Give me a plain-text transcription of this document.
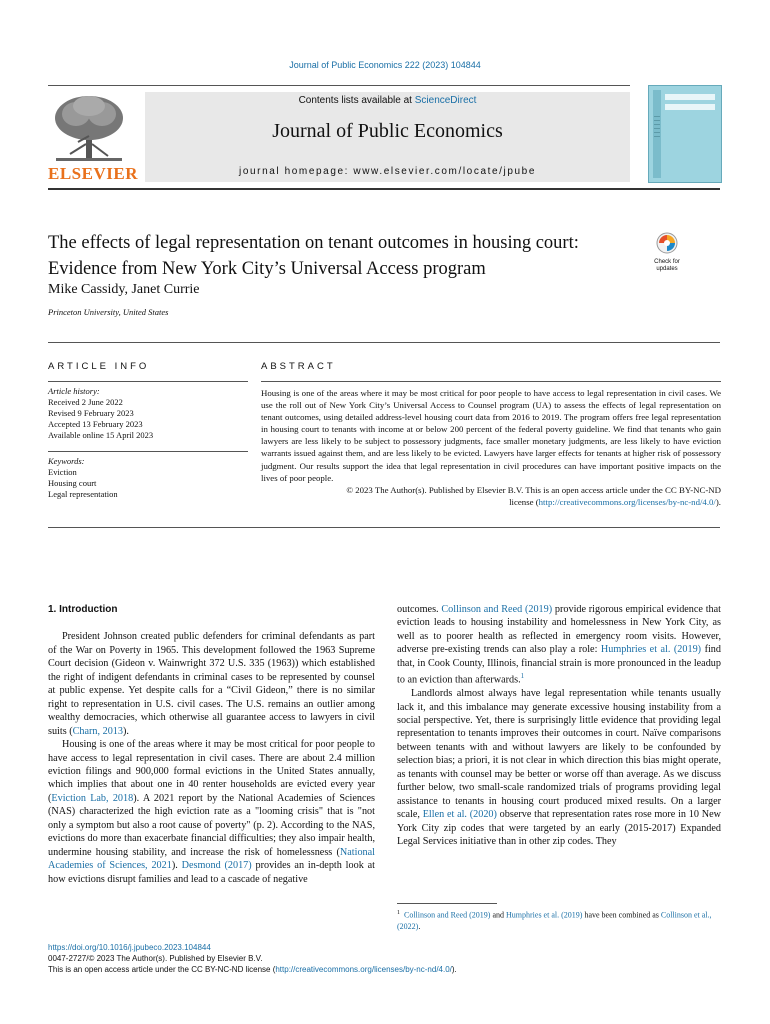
Journal of Public Economics 222 (2023) 104844
ELSEVIER
Contents lists available at ScienceDirect
Journal of Public Economics
journal homepage: www.elsevier.com/locate/jpube
The effects of legal representation on tenant outcomes in housing court:
Evidence from New York City’s Universal Access program	Check for
updates
Mike Cassidy, Janet Currie
Princeton University, United States
ARTICLE INFO
Article history:
Received 2 June 2022
Revised 9 February 2023
Accepted 13 February 2023
Available online 15 April 2023
Keywords:
Eviction
Housing court
Legal representation
ABSTRACT
Housing is one of the areas where it may be most critical for poor people to have access to legal representation in civil cases. We use the roll out of New York City’s Universal Access to Counsel program (UA) to assess the effects of legal representation on tenant outcomes, using detailed address-level housing court data from 2016 to 2019. The program offers free legal representation in housing court to tenants with income at or below 200 percent of the federal poverty guideline. We find that tenants who gain lawyers are less likely to be subject to possessory judgments, face smaller monetary judgments, are less likely to have eviction warrants issued against them, and are less likely to be evicted. Lawyers have larger effects for tenants at higher risk of possessory judgment. Our results support the idea that legal representation in civil procedures can have important positive impacts on the lives of poor people.
© 2023 The Author(s). Published by Elsevier B.V. This is an open access article under the CC BY-NC-ND
license (http://creativecommons.org/licenses/by-nc-nd/4.0/).
1. Introduction

President Johnson created public defenders for criminal defendants as part of the War on Poverty in 1965. This development followed the 1963 Supreme Court decision (Gideon v. Wainwright 372 U.S. 335 (1963)) which established the right of indigent defendants in criminal cases to be represented by counsel at public expense. Yet despite calls for a “Civil Gideon,” there is no similar right to representation in U.S. civil cases. The U.S. remains an outlier among wealthy democracies, which otherwise all guarantee access to lawyers in civil suits (Charn, 2013).

Housing is one of the areas where it may be most critical for poor people to have access to legal representation in civil cases. There are about 2.4 million eviction filings and 900,000 formal evictions in the United States annually, which implies that about one in 40 renter households are evicted every year (Eviction Lab, 2018). A 2021 report by the National Academies of Sciences (NAS) characterized the high eviction rate as a "looming crisis" that is "not only a symptom but also a root cause of poverty" (p. 2). According to the NAS, evictions do more than exacerbate financial difficulties; they also impair health, undermine housing stability, and increase the risk of homelessness (National Academies of Sciences, 2021). Desmond (2017) provides an in-depth look at how evictions disrupt families and lead to a cascade of negative

outcomes. Collinson and Reed (2019) provide rigorous empirical evidence that eviction leads to housing instability and homelessness in New York City, as well as to poorer health as reflected in emergency room visits. However, adverse pre-existing trends can also play a role: Humphries et al. (2019) find that, in Cook County, Illinois, financial strain is more pronounced in the leadup to an eviction than afterwards.$^1$

Landlords almost always have legal representation while tenants usually lack it, and this imbalance may generate excessive housing instability from a social perspective. Yet, there is surprisingly little evidence that providing legal representation to tenants improves their outcomes in court. Naïve comparisons between tenants with and without lawyers are likely to be confounded by selection bias; a priori, it is not clear in which direction this bias might operate, as tenants with counsel may be better or worse off than average. As we discuss further below, two small-scale randomized trials of programs providing legal assistance to tenants in housing court produced mixed results. On a larger scale, Ellen et al. (2020) observe that representation rates rose more in 10 New York City zip codes that were targeted by an early (2015-2017) Expanded Legal Services initiative than in other zip codes. They

$^1$ Collinson and Reed (2019) and Humphries et al. (2019) have been combined as Collinson et al., (2022).
https://doi.org/10.1016/j.jpubeco.2023.104844
0047-2727/© 2023 The Author(s). Published by Elsevier B.V.
This is an open access article under the CC BY-NC-ND license (http://creativecommons.org/licenses/by-nc-nd/4.0/).
